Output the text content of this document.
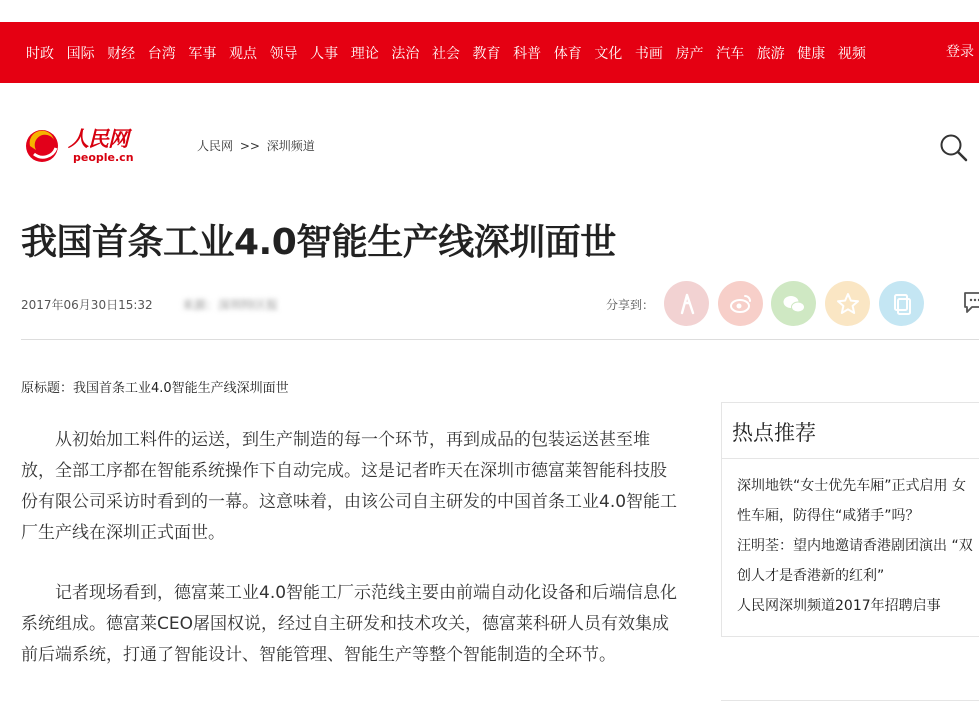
时政 国际 财经 台湾 军事 观点 领导 人事 理论 法治 社会 教育 科普 体育 文化 书画 房产 汽车 旅游 健康 视频	登录
人民网
people.cn
人民网 >> 深圳频道
我国首条工业4.0智能生产线深圳面世
2017年06月30日15:32 来源：深圳特区报	分享到：
原标题：我国首条工业4.0智能生产线深圳面世

从初始加工料件的运送，到生产制造的每一个环节，再到成品的包装运送甚至堆放，全部工序都在智能系统操作下自动完成。这是记者昨天在深圳市德富莱智能科技股份有限公司采访时看到的一幕。这意味着，由该公司自主研发的中国首条工业4.0智能工厂生产线在深圳正式面世。

记者现场看到，德富莱工业4.0智能工厂示范线主要由前端自动化设备和后端信息化系统组成。德富莱CEO屠国权说，经过自主研发和技术攻关，德富莱科研人员有效集成前后端系统，打通了智能设计、智能管理、智能生产等整个智能制造的全环节。

热点推荐
深圳地铁“女士优先车厢”正式启用 女性车厢，防得住“咸猪手”吗？
汪明荃：望内地邀请香港剧团演出 “双创人才是香港新的红利”
人民网深圳频道2017年招聘启事
